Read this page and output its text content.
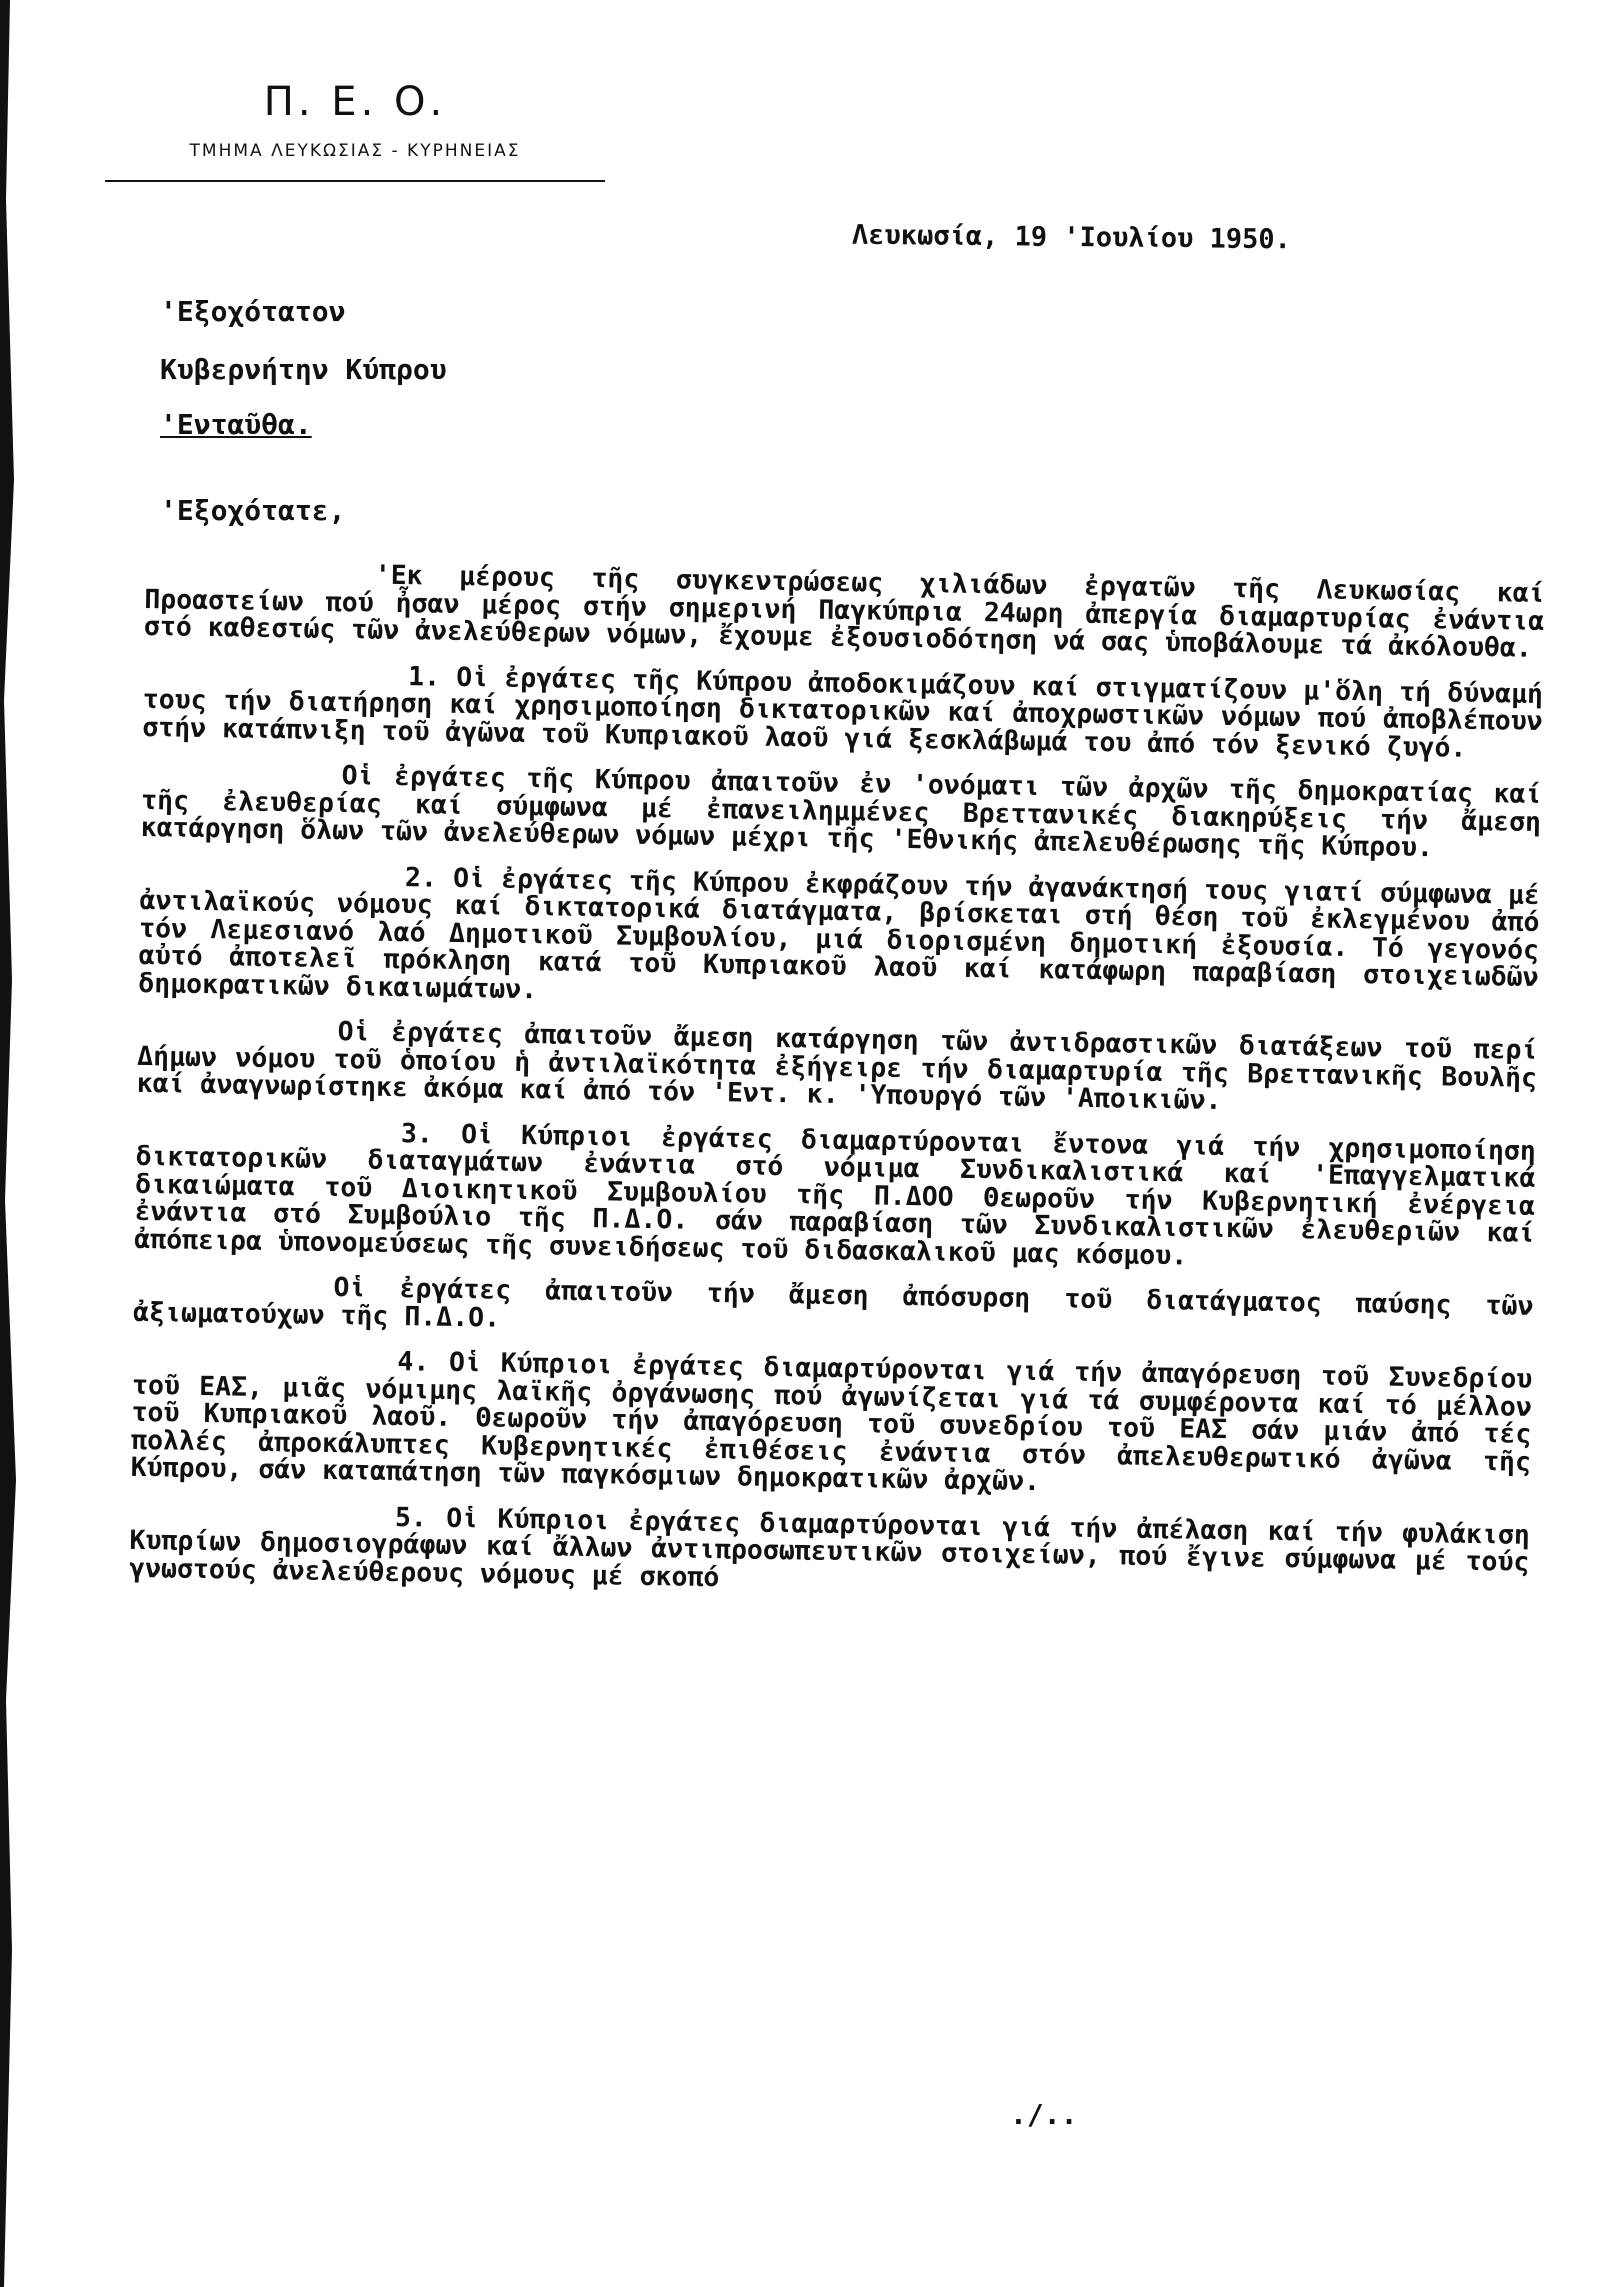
Π. Ε. Ο.
ΤΜΗΜΑ ΛΕΥΚΩΣΙΑΣ - ΚΥΡΗΝΕΙΑΣ
Λευκωσία, 19 'Ιουλίου 1950.
'Εξοχότατον
Κυβερνήτην Κύπρου
'Ενταῦθα.
'Εξοχότατε,

'Εκ μέρους τῆς συγκεντρώσεως χιλιάδων ἐργατῶν τῆς Λευκωσίας καί Προαστείων πού ἦσαν μέρος στήν σημερινή Παγκύπρια 24ωρη ἀπεργία διαμαρτυρίας ἐνάντια στό καθεστώς τῶν ἀνελεύθερων νόμων, ἔχουμε ἐξουσιοδότηση νά σας ὑποβάλουμε τά ἀκόλουθα.

1. Οἱ ἐργάτες τῆς Κύπρου ἀποδοκιμάζουν καί στιγματίζουν μ'ὅλη τή δύναμή τους τήν διατήρηση καί χρησιμοποίηση δικτατορικῶν καί ἀποχρωστικῶν νόμων πού ἀποβλέπουν στήν κατάπνιξη τοῦ ἀγῶνα τοῦ Κυπριακοῦ λαοῦ γιά ξεσκλάβωμά του ἀπό τόν ξενικό ζυγό.

Οἱ ἐργάτες τῆς Κύπρου ἀπαιτοῦν ἐν 'ονόματι τῶν ἀρχῶν τῆς δημοκρατίας καί τῆς ἐλευθερίας καί σύμφωνα μέ ἐπανειλημμένες Βρεττανικές διακηρύξεις τήν ἄμεση κατάργηση ὅλων τῶν ἀνελεύθερων νόμων μέχρι τῆς 'Εθνικής ἀπελευθέρωσης τῆς Κύπρου.

2. Οἱ ἐργάτες τῆς Κύπρου ἐκφράζουν τήν ἀγανάκτησή τους γιατί σύμφωνα μέ ἀντιλαϊκούς νόμους καί δικτατορικά διατάγματα, βρίσκεται στή θέση τοῦ ἐκλεγμένου ἀπό τόν Λεμεσιανό λαό Δημοτικοῦ Συμβουλίου, μιά διορισμένη δημοτική ἐξουσία. Τό γεγονός αὐτό ἀποτελεῖ πρόκληση κατά τοῦ Κυπριακοῦ λαοῦ καί κατάφωρη παραβίαση στοιχειωδῶν δημοκρατικῶν δικαιωμάτων.

Οἱ ἐργάτες ἀπαιτοῦν ἄμεση κατάργηση τῶν ἀντιδραστικῶν διατάξεων τοῦ περί Δήμων νόμου τοῦ ὁποίου ἡ ἀντιλαϊκότητα ἐξήγειρε τήν διαμαρτυρία τῆς Βρεττανικῆς Βουλῆς καί ἀναγνωρίστηκε ἀκόμα καί ἀπό τόν 'Εντ. κ. 'Υπουργό τῶν 'Αποικιῶν.

3. Οἱ Κύπριοι ἐργάτες διαμαρτύρονται ἔντονα γιά τήν χρησιμοποίηση δικτατορικῶν διαταγμάτων ἐνάντια στό νόμιμα Συνδικαλιστικά καί 'Επαγγελματικά δικαιώματα τοῦ Διοικητικοῦ Συμβουλίου τῆς Π.ΔΟΟ Θεωροῦν τήν Κυβερνητική ἐνέργεια ἐνάντια στό Συμβούλιο τῆς Π.Δ.Ο. σάν παραβίαση τῶν Συνδικαλιστικῶν ἐλευθεριῶν καί ἀπόπειρα ὑπονομεύσεως τῆς συνειδήσεως τοῦ διδασκαλικοῦ μας κόσμου.

Οἱ ἐργάτες ἀπαιτοῦν τήν ἄμεση ἀπόσυρση τοῦ διατάγματος παύσης τῶν ἀξιωματούχων τῆς Π.Δ.Ο.

4. Οἱ Κύπριοι ἐργάτες διαμαρτύρονται γιά τήν ἀπαγόρευση τοῦ Συνεδρίου τοῦ ΕΑΣ, μιᾶς νόμιμης λαϊκῆς ὀργάνωσης πού ἀγωνίζεται γιά τά συμφέροντα καί τό μέλλον τοῦ Κυπριακοῦ λαοῦ. Θεωροῦν τήν ἀπαγόρευση τοῦ συνεδρίου τοῦ ΕΑΣ σάν μιάν ἀπό τές πολλές ἀπροκάλυπτες Κυβερνητικές ἐπιθέσεις ἐνάντια στόν ἀπελευθερωτικό ἀγῶνα τῆς Κύπρου, σάν καταπάτηση τῶν παγκόσμιων δημοκρατικῶν ἀρχῶν.

5. Οἱ Κύπριοι ἐργάτες διαμαρτύρονται γιά τήν ἀπέλαση καί τήν φυλάκιση Κυπρίων δημοσιογράφων καί ἄλλων ἀντιπροσωπευτικῶν στοιχείων, πού ἔγινε σύμφωνα μέ τούς γνωστούς ἀνελεύθερους νόμους μέ σκοπό

./..
